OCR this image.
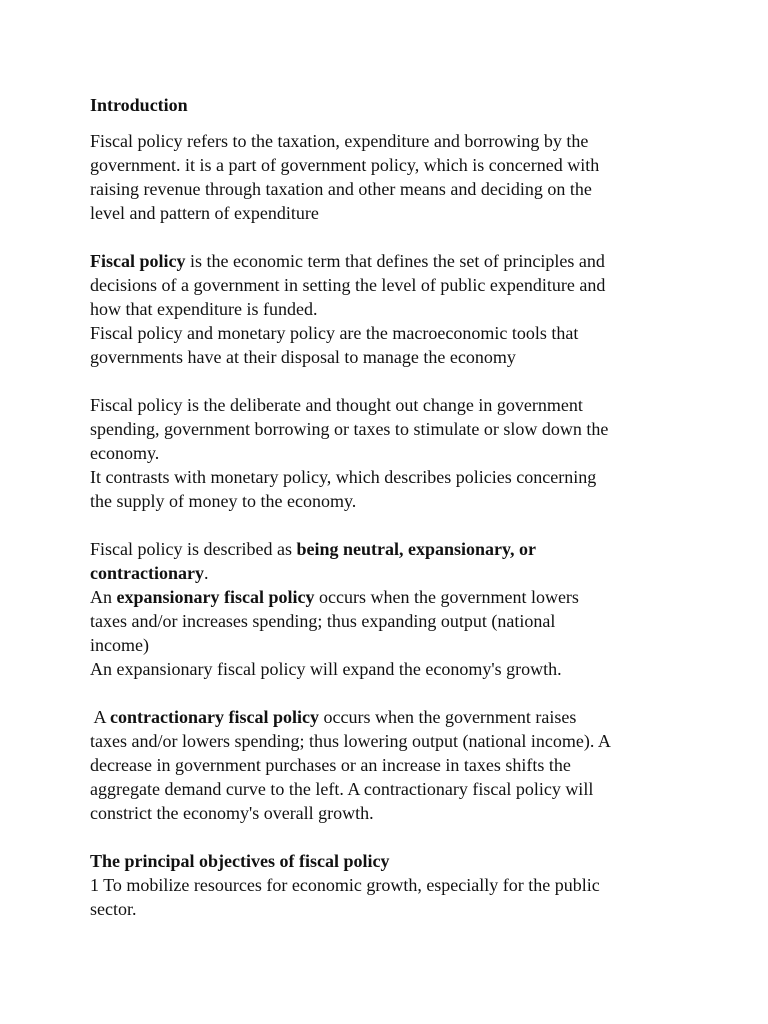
Introduction
Fiscal policy refers to the taxation, expenditure and borrowing by the
government. it is a part of government policy, which is concerned with
raising revenue through taxation and other means and deciding on the
level and pattern of expenditure
Fiscal policy is the economic term that defines the set of principles and
decisions of a government in setting the level of public expenditure and
how that expenditure is funded.
Fiscal policy and monetary policy are the macroeconomic tools that
governments have at their disposal to manage the economy
Fiscal policy is the deliberate and thought out change in government
spending, government borrowing or taxes to stimulate or slow down the
economy.
It contrasts with monetary policy, which describes policies concerning
the supply of money to the economy.
Fiscal policy is described as being neutral, expansionary, or
contractionary.
An expansionary fiscal policy occurs when the government lowers
taxes and/or increases spending; thus expanding output (national
income)
An expansionary fiscal policy will expand the economy's growth.
A contractionary fiscal policy occurs when the government raises
taxes and/or lowers spending; thus lowering output (national income). A
decrease in government purchases or an increase in taxes shifts the
aggregate demand curve to the left. A contractionary fiscal policy will
constrict the economy's overall growth.
The principal objectives of fiscal policy
1 To mobilize resources for economic growth, especially for the public
sector.
